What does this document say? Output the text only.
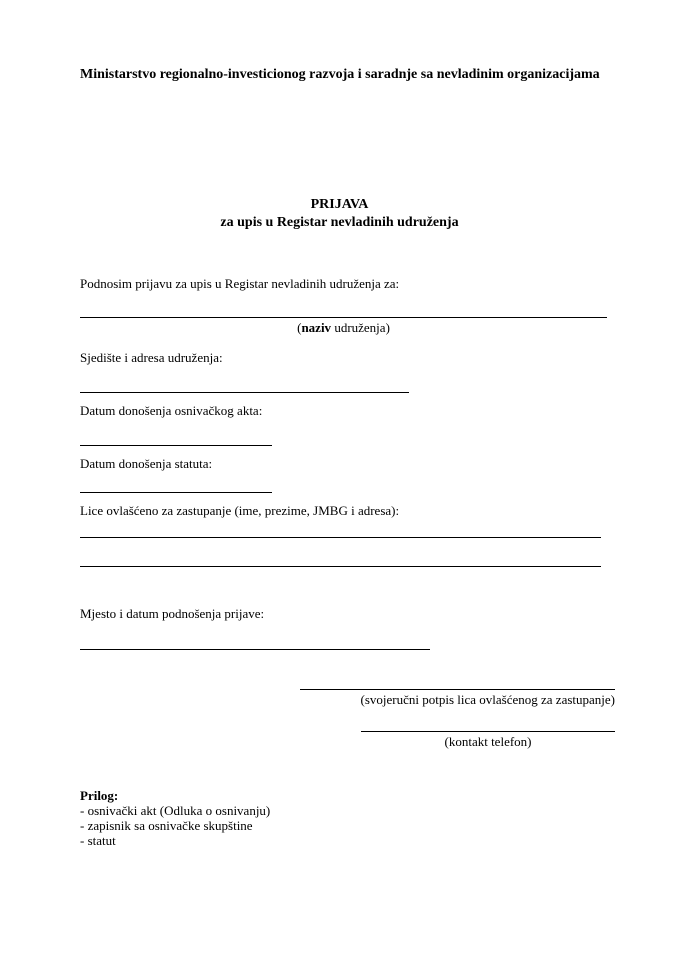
Ministarstvo regionalno-investicionog razvoja i saradnje sa nevladinim organizacijama
PRIJAVA
za upis u Registar nevladinih udruženja
Podnosim prijavu za upis u Registar nevladinih udruženja za:
(naziv udruženja)
Sjedište i adresa udruženja:
Datum donošenja osnivačkog akta:
Datum donošenja statuta:
Lice ovlašćeno za zastupanje (ime, prezime, JMBG i adresa):
Mjesto i datum podnošenja prijave:
(svojeručni potpis lica ovlašćenog za zastupanje)
(kontakt telefon)
Prilog:
- osnivački akt (Odluka o osnivanju)
- zapisnik sa osnivačke skupštine
- statut
